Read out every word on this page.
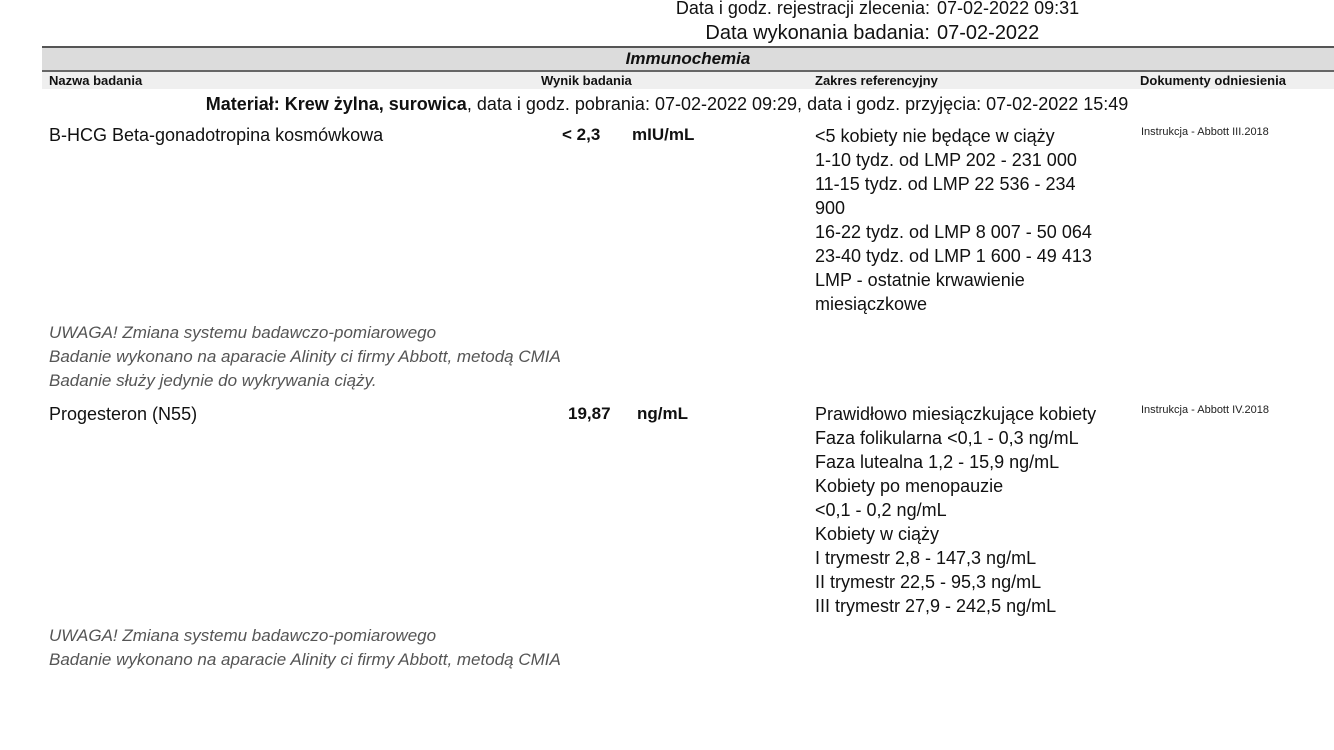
Data i godz. rejestracji zlecenia: 07-02-2022 09:31
Data wykonania badania: 07-02-2022
Immunochemia
Nazwa badania	Wynik badania	Zakres referencyjny	Dokumenty odniesienia
Materiał: Krew żylna, surowica, data i godz. pobrania: 07-02-2022 09:29, data i godz. przyjęcia: 07-02-2022 15:49
B-HCG Beta-gonadotropina kosmówkowa	< 2,3 mIU/mL	<5 kobiety nie będące w ciąży
1-10 tydz. od LMP 202 - 231 000
11-15 tydz. od LMP 22 536 - 234
900
16-22 tydz. od LMP 8 007 - 50 064
23-40 tydz. od LMP 1 600 - 49 413
LMP - ostatnie krwawienie
miesiączkowe
Instrukcja - Abbott III.2018
UWAGA! Zmiana systemu badawczo-pomiarowego
Badanie wykonano na aparacie Alinity ci firmy Abbott, metodą CMIA
Badanie służy jedynie do wykrywania ciąży.
Progesteron (N55)	19,87 ng/mL	Prawidłowo miesiączkujące kobiety
Faza folikularna <0,1 - 0,3 ng/mL
Faza lutealna 1,2 - 15,9 ng/mL
Kobiety po menopauzie
<0,1 - 0,2 ng/mL
Kobiety w ciąży
I trymestr 2,8 - 147,3 ng/mL
II trymestr 22,5 - 95,3 ng/mL
III trymestr 27,9 - 242,5 ng/mL
Instrukcja - Abbott IV.2018
UWAGA! Zmiana systemu badawczo-pomiarowego
Badanie wykonano na aparacie Alinity ci firmy Abbott, metodą CMIA
